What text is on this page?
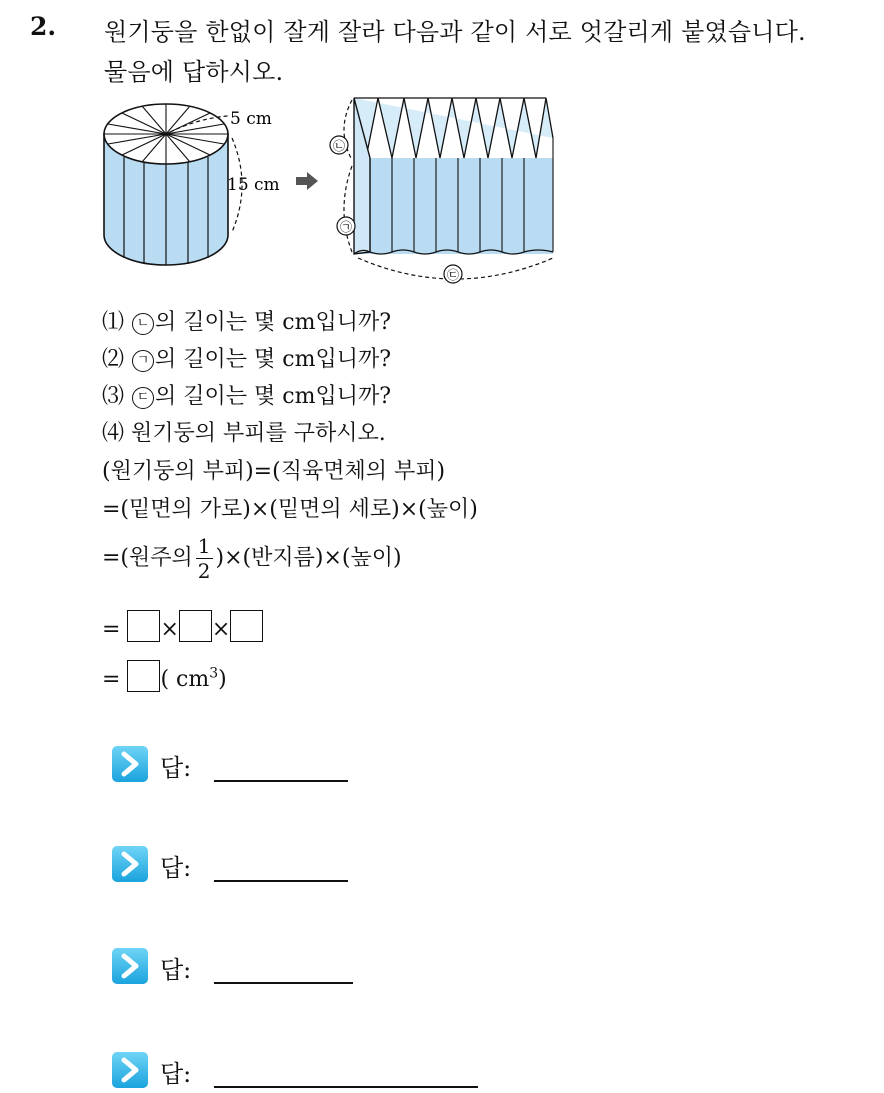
2. 원기둥을 한없이 잘게 잘라 다음과 같이 서로 엇갈리게 붙였습니다.
물음에 답하시오.
5 cm
15 cm
㉡
㉠
㉢
⑴ ㄴ 의 길이는 몇 cm입니까?
⑵ ㄱ 의 길이는 몇 cm입니까?
⑶ ㄷ 의 길이는 몇 cm입니까?
⑷ 원기둥의 부피를 구하시오.
(원기둥의 부피)=(직육면체의 부피)
=(밑면의 가로)×(밑면의 세로)×(높이)
=(원주의 $\frac{1}{2}$ )×(반지름)×(높이)
= × ×
= ( $cm^3$)
답:
답:
답:
답:
